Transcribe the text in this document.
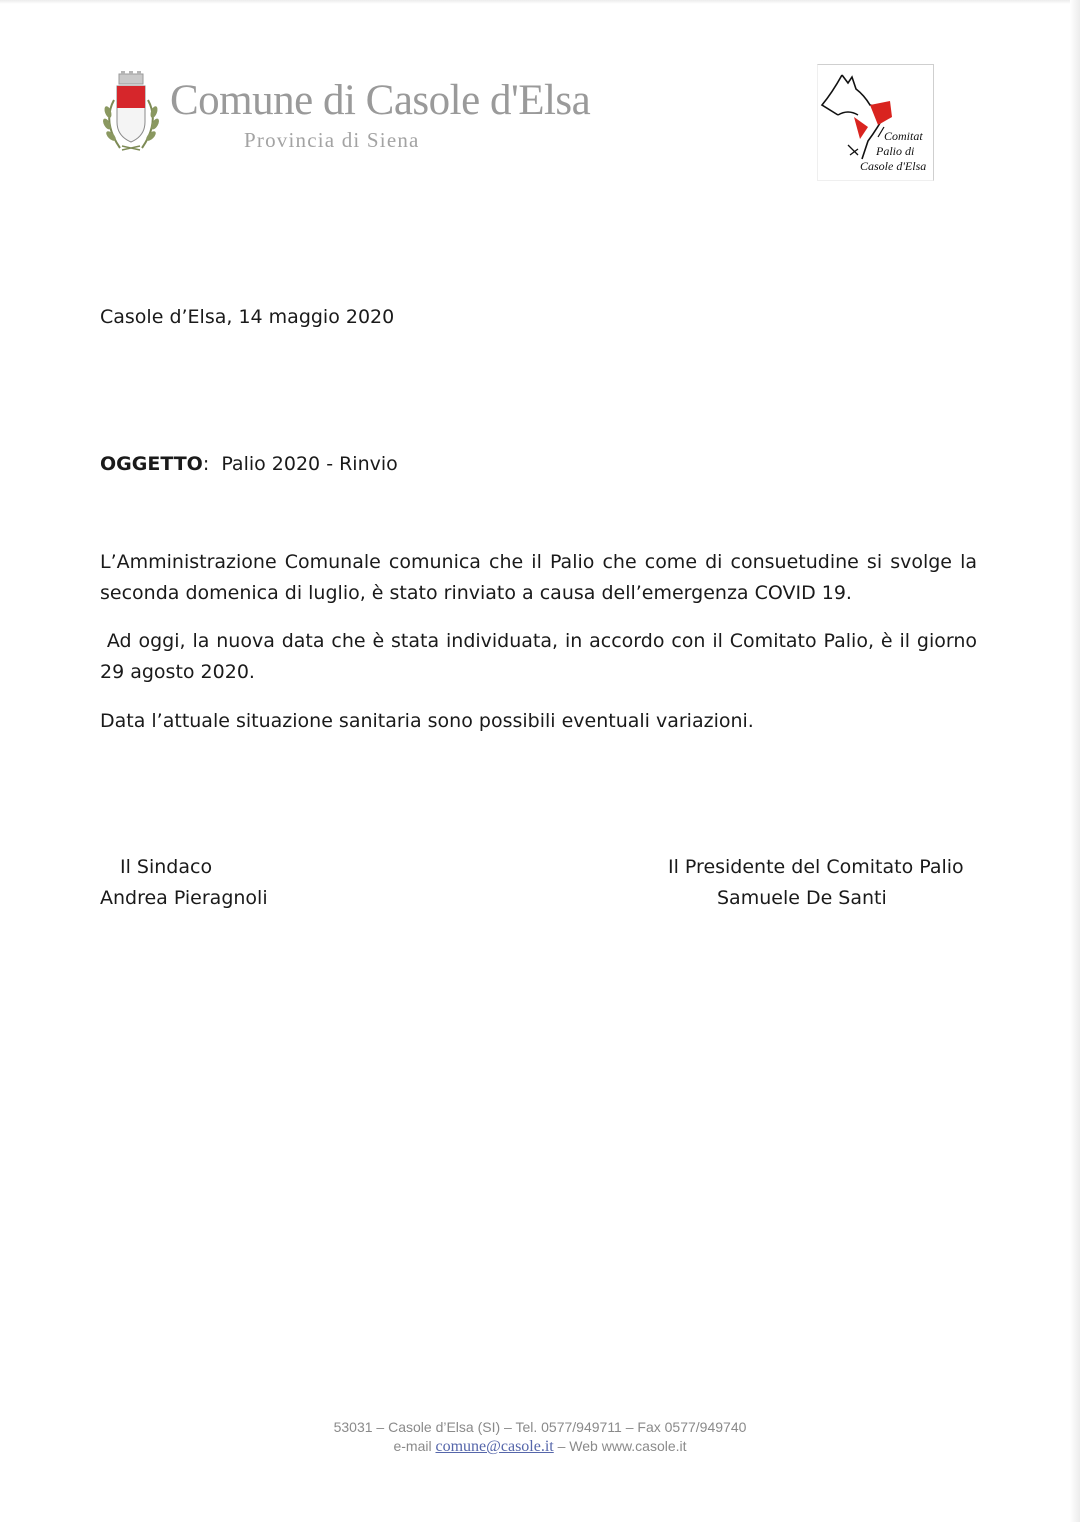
Comune di Casole d'Elsa
Provincia di Siena	Comitat
Palio di
Casole d'Elsa
Casole d’Elsa, 14 maggio 2020
OGGETTO:  Palio 2020 - Rinvio
L’Amministrazione Comunale comunica che il Palio che come di consuetudine si svolge la seconda domenica di luglio, è stato rinviato a causa dell’emergenza COVID 19.
Ad oggi, la nuova data che è stata individuata, in accordo con il Comitato Palio, è il giorno 29 agosto 2020.
Data l’attuale situazione sanitaria sono possibili eventuali variazioni.
Il Sindaco
Andrea Pieragnoli
Il Presidente del Comitato Palio
Samuele De Santi
53031 – Casole d’Elsa (SI) – Tel. 0577/949711 – Fax 0577/949740
e-mail comune@casole.it – Web www.casole.it
